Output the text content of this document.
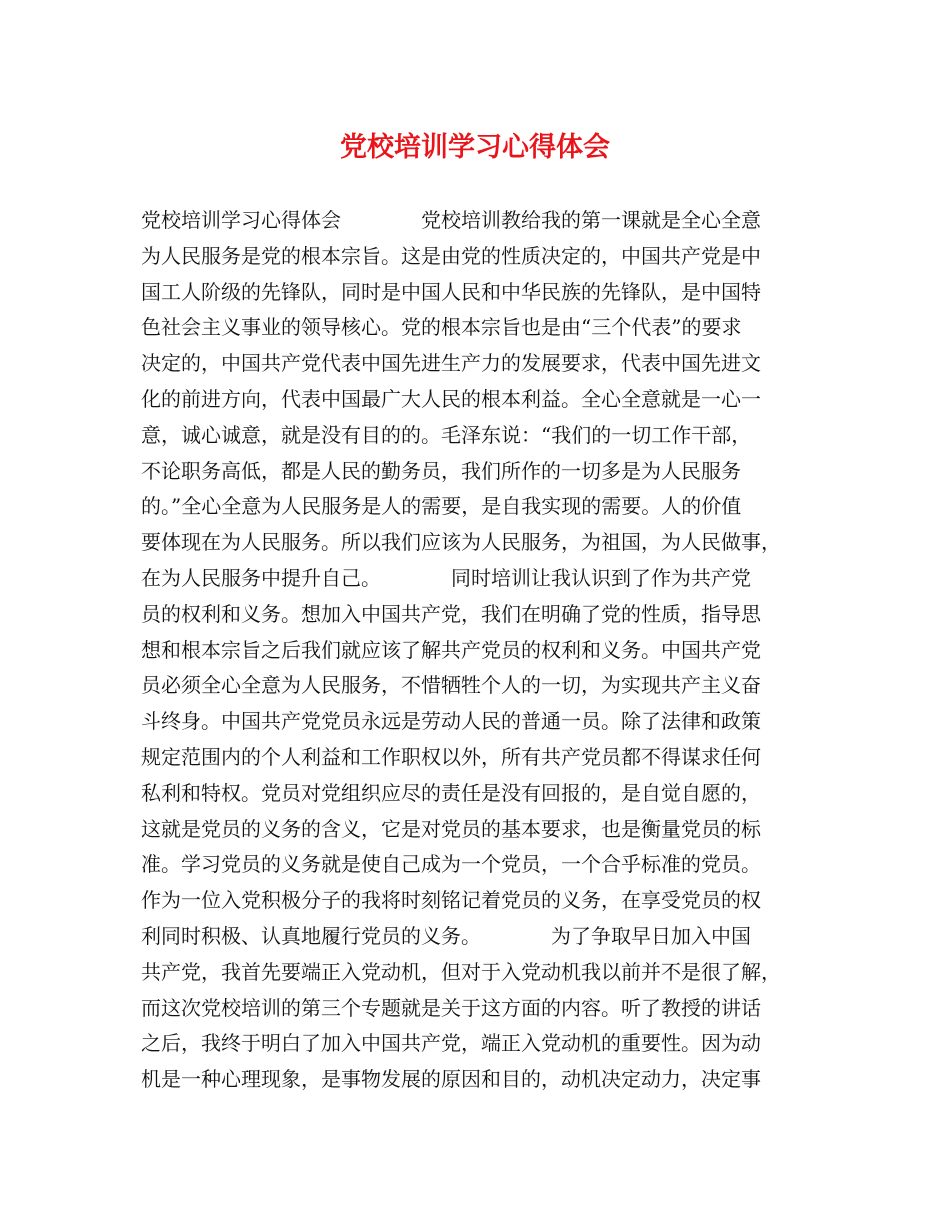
党校培训学习心得体会
党校培训学习心得体会　　　　党校培训教给我的第一课就是全心全意
为人民服务是党的根本宗旨。这是由党的性质决定的，中国共产党是中
国工人阶级的先锋队，同时是中国人民和中华民族的先锋队，是中国特
色社会主义事业的领导核心。党的根本宗旨也是由“三个代表”的要求
决定的，中国共产党代表中国先进生产力的发展要求，代表中国先进文
化的前进方向，代表中国最广大人民的根本利益。全心全意就是一心一
意，诚心诚意，就是没有目的的。毛泽东说：“我们的一切工作干部，
不论职务高低，都是人民的勤务员，我们所作的一切多是为人民服务
的。”全心全意为人民服务是人的需要，是自我实现的需要。人的价值
要体现在为人民服务。所以我们应该为人民服务，为祖国，为人民做事，
在为人民服务中提升自己。　　　　同时培训让我认识到了作为共产党
员的权利和义务。想加入中国共产党，我们在明确了党的性质，指导思
想和根本宗旨之后我们就应该了解共产党员的权利和义务。中国共产党
员必须全心全意为人民服务，不惜牺牲个人的一切，为实现共产主义奋
斗终身。中国共产党党员永远是劳动人民的普通一员。除了法律和政策
规定范围内的个人利益和工作职权以外，所有共产党员都不得谋求任何
私利和特权。党员对党组织应尽的责任是没有回报的，是自觉自愿的，
这就是党员的义务的含义，它是对党员的基本要求，也是衡量党员的标
准。学习党员的义务就是使自己成为一个党员，一个合乎标准的党员。
作为一位入党积极分子的我将时刻铭记着党员的义务，在享受党员的权
利同时积极、认真地履行党员的义务。　　　　为了争取早日加入中国
共产党，我首先要端正入党动机，但对于入党动机我以前并不是很了解，
而这次党校培训的第三个专题就是关于这方面的内容。听了教授的讲话
之后，我终于明白了加入中国共产党，端正入党动机的重要性。因为动
机是一种心理现象，是事物发展的原因和目的，动机决定动力，决定事
